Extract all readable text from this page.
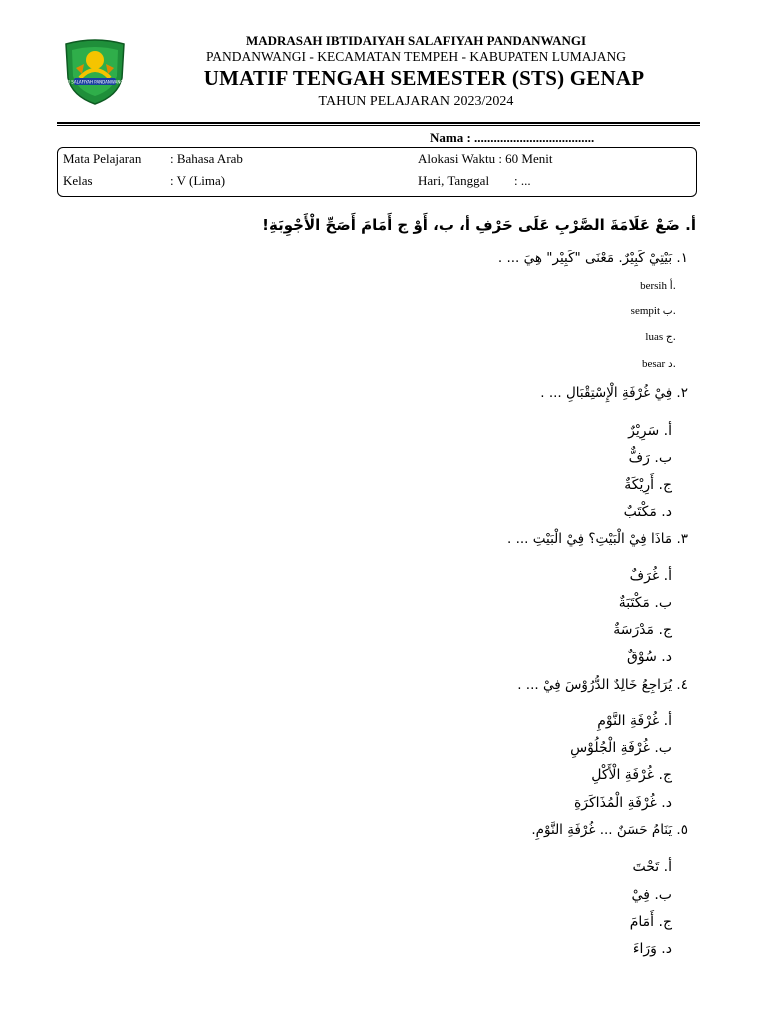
MI SALAFIYAH PANDANWANGI
MADRASAH IBTIDAIYAH SALAFIYAH PANDANWANGI
PANDANWANGI - KECAMATAN TEMPEH - KABUPATEN LUMAJANG
UMATIF TENGAH SEMESTER (STS) GENAP
TAHUN PELAJARAN 2023/2024
Nama : .....................................
Mata Pelajaran : Bahasa Arab
Kelas	: V (Lima)
Alokasi Waktu : 60 Menit
Hari, Tanggal : ...
أ. ضَعْ عَلَامَةَ الصَّرْبِ عَلَى حَرْفِ أ، ب، أَوْ ج أَمَامَ أَصَحِّ الْأَجْوِبَةِ!
١. بَيْتِيْ كَبِيْرٌ. مَعْنَى "كَبِيْر" هِيَ ... .
bersih أ.
sempit ب.
luas ج.
besar د.
٢. فِيْ غُرْفَةِ الْإِسْتِقْبَالِ ... .
أ. سَرِيْرٌ
ب. رَفٌّ
ج. أَرِيْكَةٌ
د. مَكْتَبٌ
٣. مَاذَا فِيْ الْبَيْتِ؟ فِيْ الْبَيْتِ ... .
أ. غُرَفٌ
ب. مَكْتَبَةٌ
ج. مَدْرَسَةٌ
د. سُوْقٌ
٤. يُرَاجِعُ خَالِدٌ الدُّرُوْسَ فِيْ ... .
أ. غُرْفَةِ النَّوْمِ
ب. غُرْفَةِ الْجُلُوْسِ
ج. غُرْفَةِ الْأَكْلِ
د. غُرْفَةِ الْمُذَاكَرَةِ
٥. يَنَامُ حَسَنٌ ... غُرْفَةِ النَّوْمِ.
أ. تَحْتَ
ب. فِيْ
ج. أَمَامَ
د. وَرَاءَ
